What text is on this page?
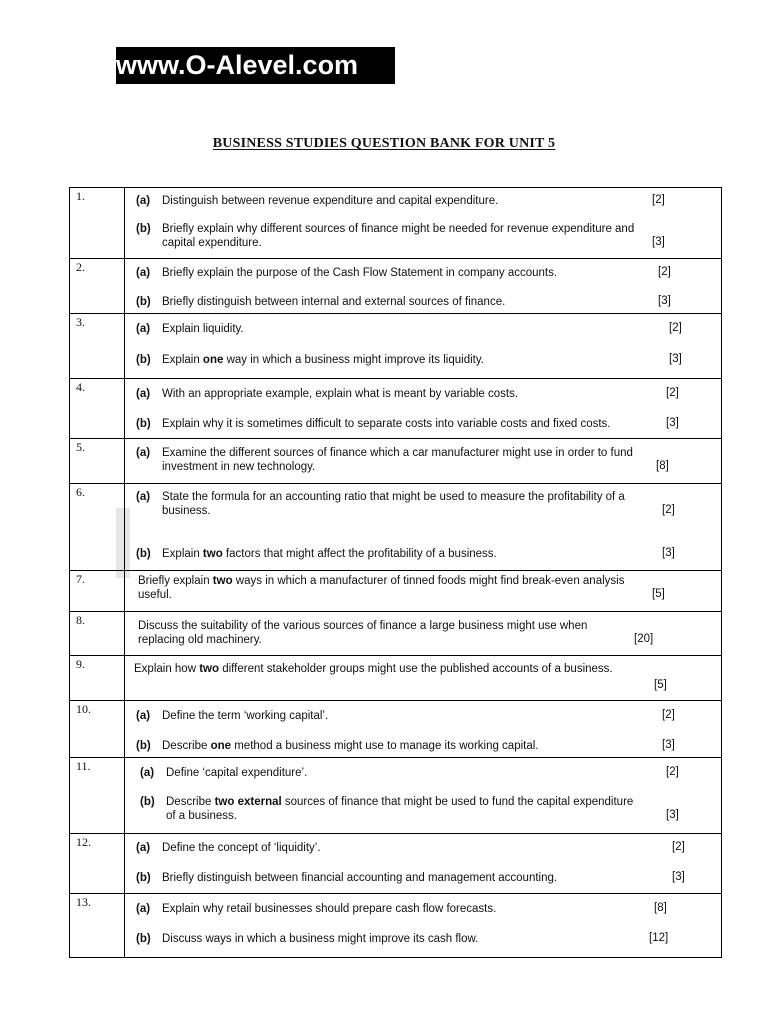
www.O-Alevel.com
BUSINESS STUDIES QUESTION BANK FOR UNIT 5
1.	(a) Distinguish between revenue expenditure and capital expenditure.	[2]
(b) Briefly explain why different sources of finance might be needed for revenue expenditure and
capital expenditure.	[3]
2.	(a) Briefly explain the purpose of the Cash Flow Statement in company accounts.	[2]
(b) Briefly distinguish between internal and external sources of finance.	[3]
3.	(a) Explain liquidity.	[2]
(b) Explain one way in which a business might improve its liquidity.	[3]
4.	(a) With an appropriate example, explain what is meant by variable costs.	[2]
(b) Explain why it is sometimes difficult to separate costs into variable costs and fixed costs.	[3]
5.	(a) Examine the different sources of finance which a car manufacturer might use in order to fund
investment in new technology.	[8]
6.	(a) State the formula for an accounting ratio that might be used to measure the profitability of a
business.	[2]
(b) Explain two factors that might affect the profitability of a business.	[3]
7.	Briefly explain two ways in which a manufacturer of tinned foods might find break-even analysis
useful.	[5]
8.	Discuss the suitability of the various sources of finance a large business might use when
replacing old machinery.	[20]
9.	Explain how two different stakeholder groups might use the published accounts of a business.
[5]
10.	(a) Define the term ‘working capital’.	[2]
(b) Describe one method a business might use to manage its working capital.	[3]
11.	(a) Define ‘capital expenditure’.	[2]
(b) Describe two external sources of finance that might be used to fund the capital expenditure
of a business.	[3]
12.	(a) Define the concept of ‘liquidity’.	[2]
(b) Briefly distinguish between financial accounting and management accounting.	[3]
13.	(a) Explain why retail businesses should prepare cash flow forecasts.	[8]
(b) Discuss ways in which a business might improve its cash flow.	[12]
